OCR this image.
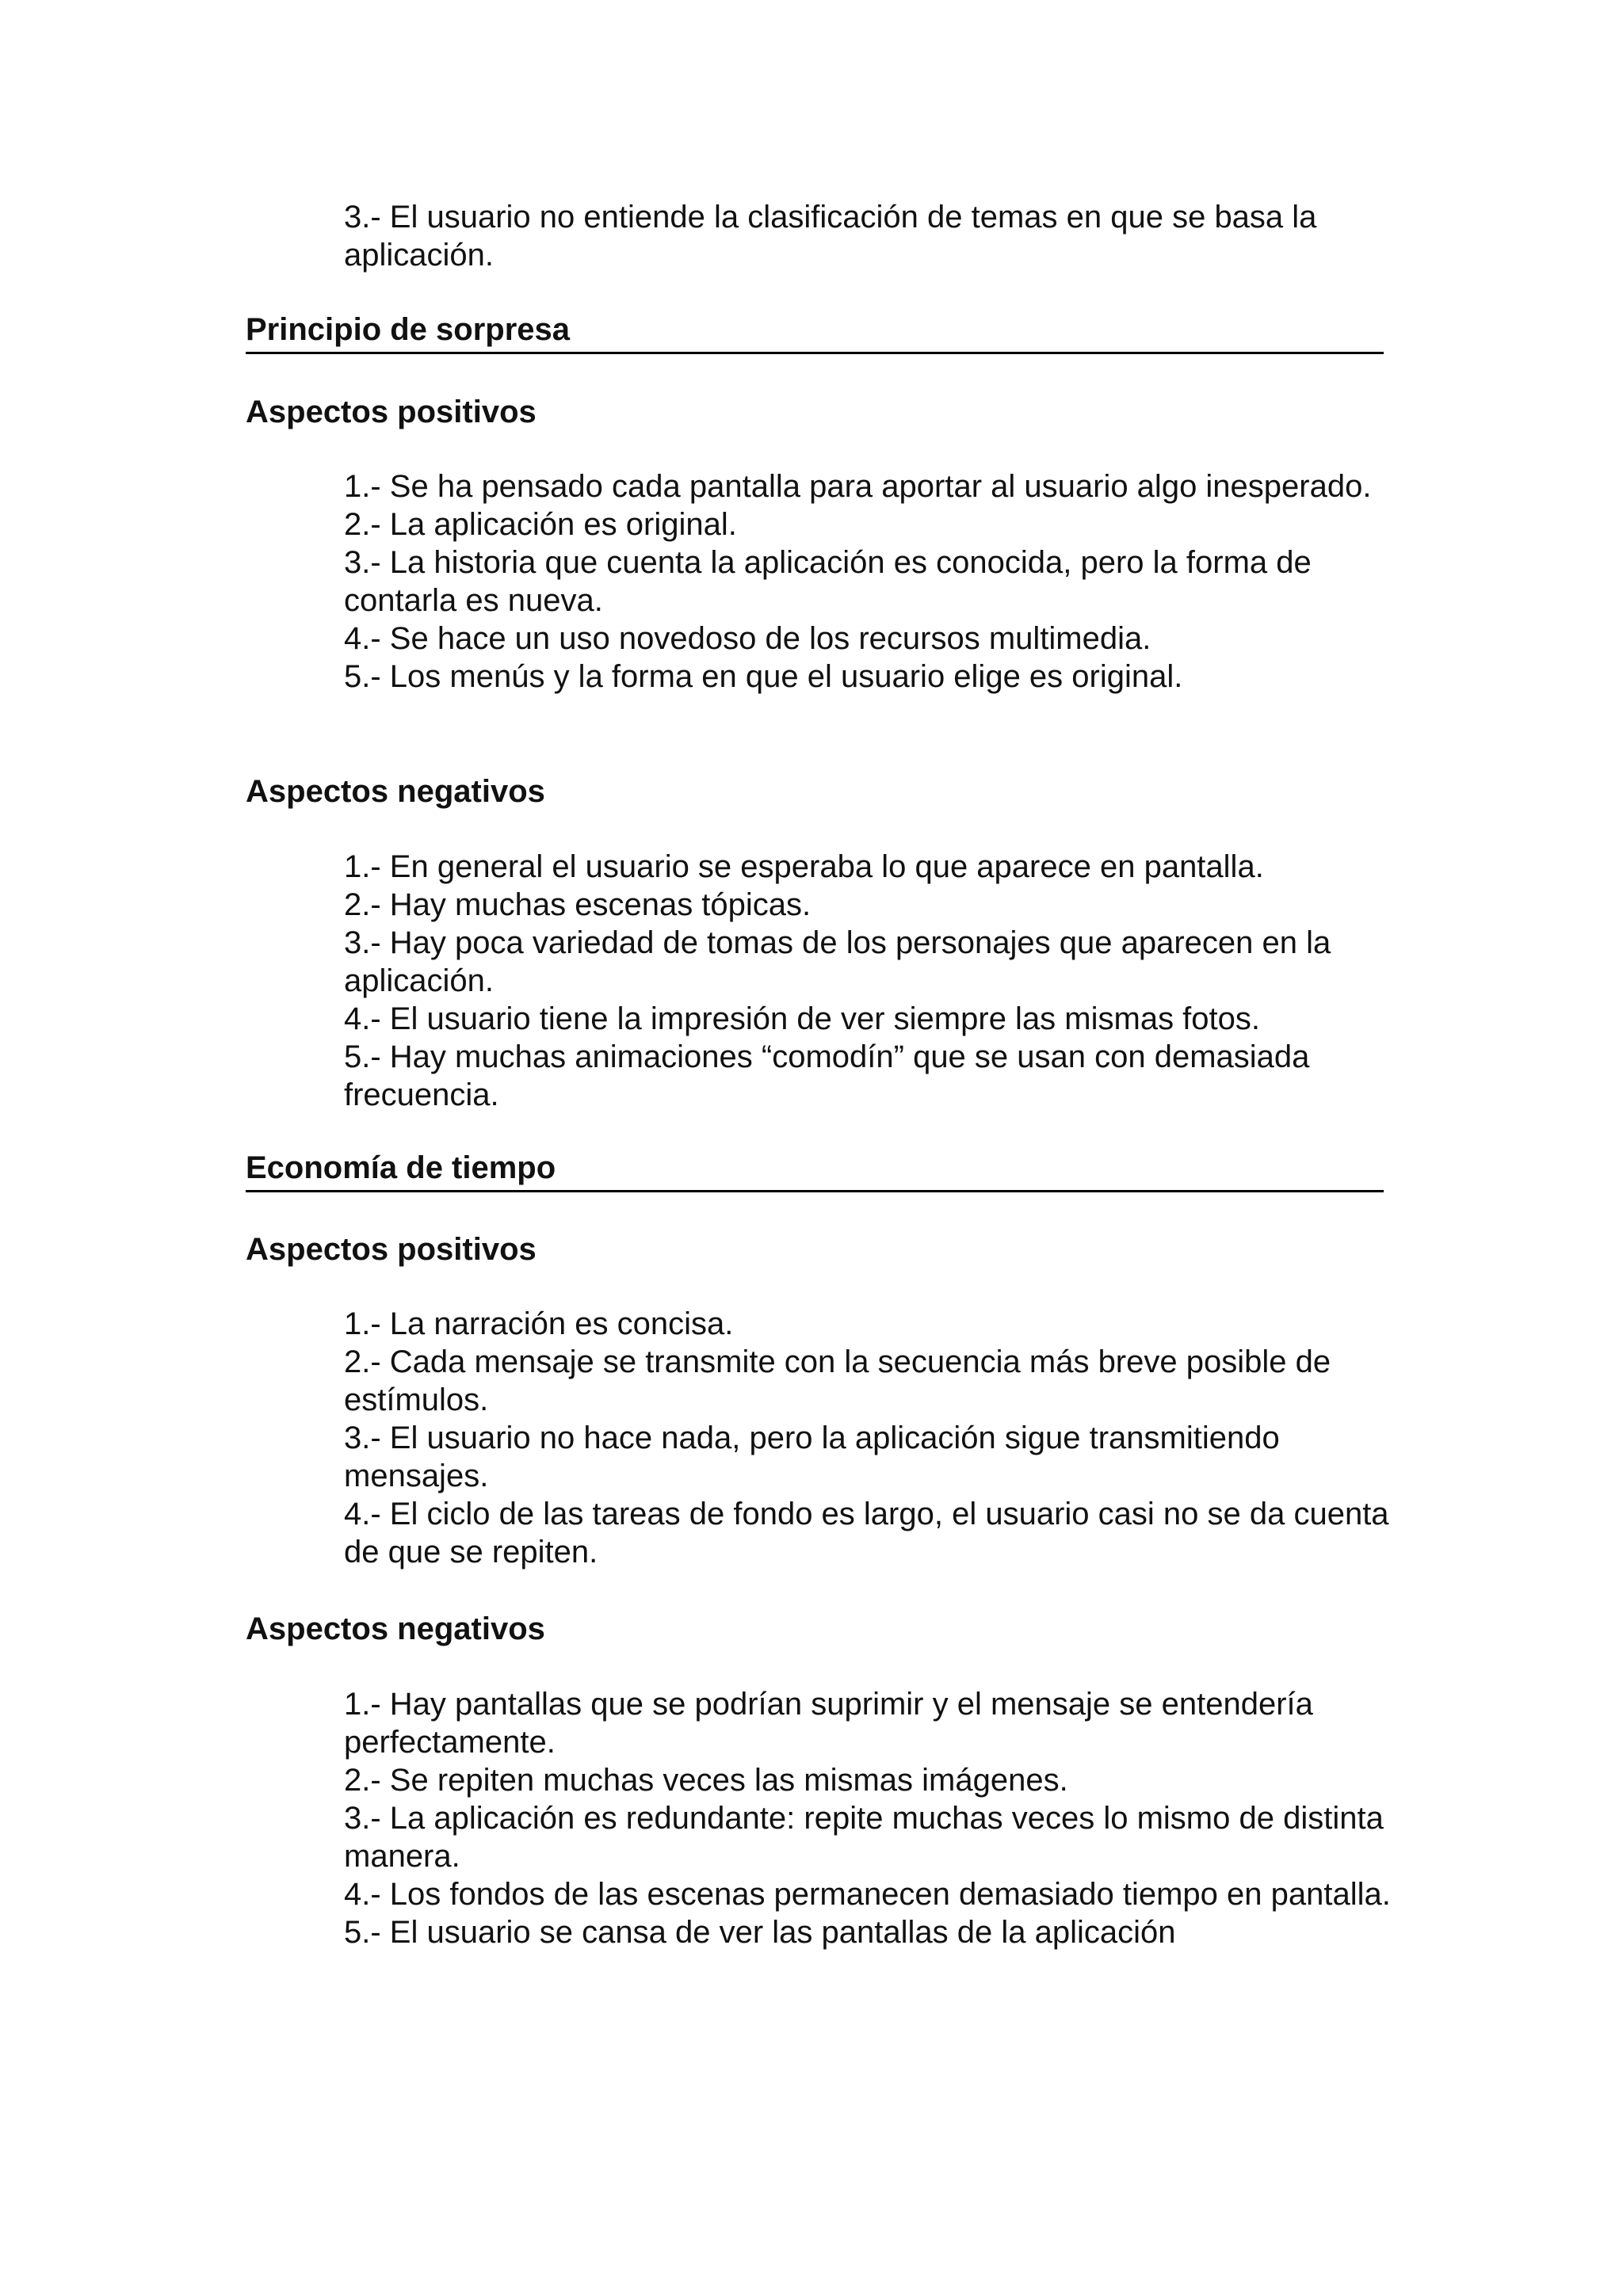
3.- El usuario no entiende la clasificación de temas en que se basa la aplicación.

Principio de sorpresa
Aspectos positivos

1.- Se ha pensado cada pantalla para aportar al usuario algo inesperado.

2.- La aplicación es original.

3.- La historia que cuenta la aplicación es conocida, pero la forma de contarla es nueva.

4.- Se hace un uso novedoso de los recursos multimedia.

5.- Los menús y la forma en que el usuario elige es original.

Aspectos negativos

1.- En general el usuario se esperaba lo que aparece en pantalla.

2.- Hay muchas escenas tópicas.

3.- Hay poca variedad de tomas de los personajes que aparecen en la aplicación.

4.- El usuario tiene la impresión de ver siempre las mismas fotos.

5.- Hay muchas animaciones “comodín” que se usan con demasiada frecuencia.

Economía de tiempo
Aspectos positivos

1.- La narración es concisa.

2.- Cada mensaje se transmite con la secuencia más breve posible de estímulos.

3.- El usuario no hace nada, pero la aplicación sigue transmitiendo mensajes.

4.- El ciclo de las tareas de fondo es largo, el usuario casi no se da cuenta de que se repiten.

Aspectos negativos

1.- Hay pantallas que se podrían suprimir y el mensaje se entendería perfectamente.

2.- Se repiten muchas veces las mismas imágenes.

3.- La aplicación es redundante: repite muchas veces lo mismo de distinta manera.

4.- Los fondos de las escenas permanecen demasiado tiempo en pantalla.

5.- El usuario se cansa de ver las pantallas de la aplicación
